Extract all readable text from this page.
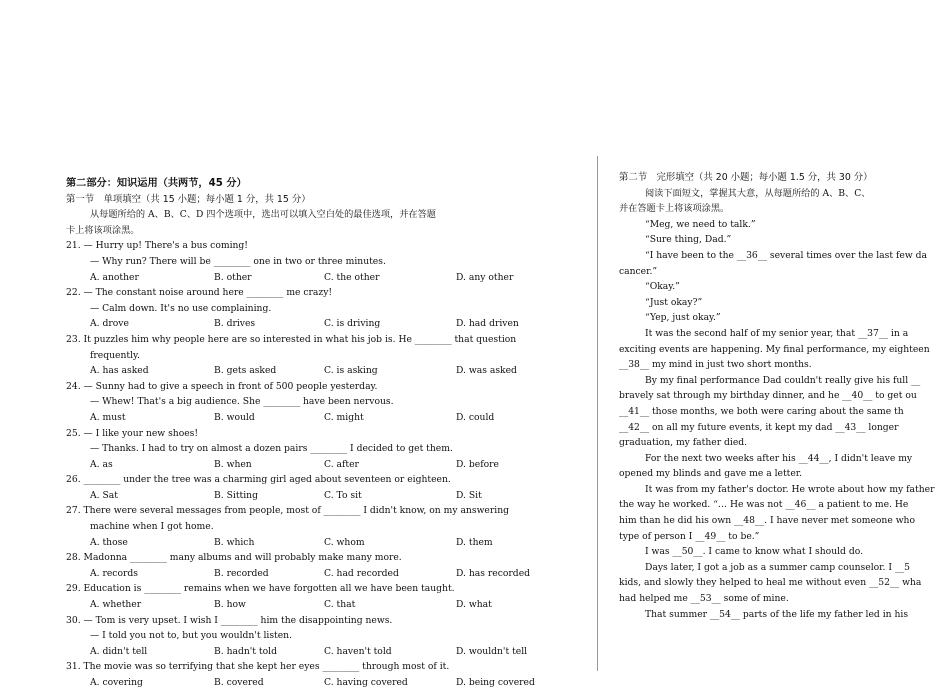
第二部分：知识运用（共两节，45 分）
第一节　单项填空（共 15 小题；每小题 1 分，共 15 分）
从每题所给的 A、B、C、D 四个选项中，选出可以填入空白处的最佳选项，并在答题
卡上将该项涂黑。
21. — Hurry up! There's a bus coming!
— Why run? There will be ________ one in two or three minutes.
A. another	B. other	C. the other	D. any other
22. — The constant noise around here ________ me crazy!
— Calm down. It's no use complaining.
A. drove	B. drives	C. is driving	D. had driven
23. It puzzles him why people here are so interested in what his job is. He ________ that question
frequently.
A. has asked	B. gets asked	C. is asking	D. was asked
24. — Sunny had to give a speech in front of 500 people yesterday.
— Whew! That's a big audience. She ________ have been nervous.
A. must	B. would	C. might	D. could
25. — I like your new shoes!
— Thanks. I had to try on almost a dozen pairs ________ I decided to get them.
A. as	B. when	C. after	D. before
26. ________ under the tree was a charming girl aged about seventeen or eighteen.
A. Sat	B. Sitting	C. To sit	D. Sit
27. There were several messages from people, most of ________ I didn't know, on my answering
machine when I got home.
A. those	B. which	C. whom	D. them
28. Madonna ________ many albums and will probably make many more.
A. records	B. recorded	C. had recorded	D. has recorded
29. Education is ________ remains when we have forgotten all we have been taught.
A. whether	B. how	C. that	D. what
30. — Tom is very upset. I wish I ________ him the disappointing news.
— I told you not to, but you wouldn't listen.
A. didn't tell	B. hadn't told	C. haven't told	D. wouldn't tell
31. The movie was so terrifying that she kept her eyes ________ through most of it.
A. covering	B. covered	C. having covered	D. being covered
第二节　完形填空（共 20 小题；每小题 1.5 分，共 30 分）
阅读下面短文，掌握其大意，从每题所给的 A、B、C、
并在答题卡上将该项涂黑。
“Meg, we need to talk.”
“Sure thing, Dad.”
“I have been to the __36__ several times over the last few da
cancer.”
“Okay.”
“Just okay?”
“Yep, just okay.”
It was the second half of my senior year, that __37__ in a
exciting events are happening. My final performance, my eighteen
__38__ my mind in just two short months.
By my final performance Dad couldn't really give his full __
bravely sat through my birthday dinner, and he __40__ to get ou
__41__ those months, we both were caring about the same th
__42__ on all my future events, it kept my dad __43__ longer
graduation, my father died.
For the next two weeks after his __44__, I didn't leave my
opened my blinds and gave me a letter.
It was from my father's doctor. He wrote about how my father
the way he worked. “… He was not __46__ a patient to me. He
him than he did his own __48__. I have never met someone who
type of person I __49__ to be.”
I was __50__. I came to know what I should do.
Days later, I got a job as a summer camp counselor. I __5
kids, and slowly they helped to heal me without even __52__ wha
had helped me __53__ some of mine.
That summer __54__ parts of the life my father led in his
